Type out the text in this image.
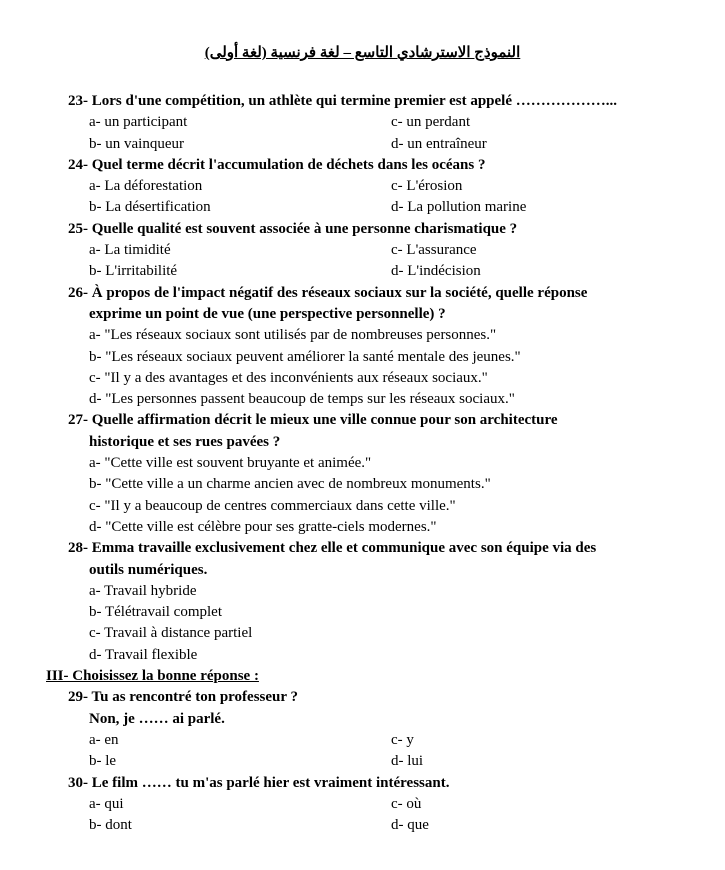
النموذج الاسترشادي التاسع – لغة فرنسية (لغة أولى)
23- Lors d'une compétition, un athlète qui termine premier est appelé ………………...
a- un participant	c- un perdant
b- un vainqueur	d- un entraîneur
24- Quel terme décrit l'accumulation de déchets dans les océans ?
a- La déforestation	c- L'érosion
b- La désertification	d- La pollution marine
25- Quelle qualité est souvent associée à une personne charismatique ?
a- La timidité	c- L'assurance
b- L'irritabilité	d- L'indécision
26- À propos de l'impact négatif des réseaux sociaux sur la société, quelle réponse
exprime un point de vue (une perspective personnelle) ?
a- "Les réseaux sociaux sont utilisés par de nombreuses personnes."
b- "Les réseaux sociaux peuvent améliorer la santé mentale des jeunes."
c- "Il y a des avantages et des inconvénients aux réseaux sociaux."
d- "Les personnes passent beaucoup de temps sur les réseaux sociaux."
27- Quelle affirmation décrit le mieux une ville connue pour son architecture
historique et ses rues pavées ?
a- "Cette ville est souvent bruyante et animée."
b- "Cette ville a un charme ancien avec de nombreux monuments."
c- "Il y a beaucoup de centres commerciaux dans cette ville."
d- "Cette ville est célèbre pour ses gratte-ciels modernes."
28- Emma travaille exclusivement chez elle et communique avec son équipe via des
outils numériques.
a- Travail hybride
b- Télétravail complet
c- Travail à distance partiel
d- Travail flexible
III- Choisissez la bonne réponse :
29- Tu as rencontré ton professeur ?
Non, je …… ai parlé.
a- en	c- y
b- le	d- lui
30- Le film …… tu m'as parlé hier est vraiment intéressant.
a- qui	c- où
b- dont	d- que
